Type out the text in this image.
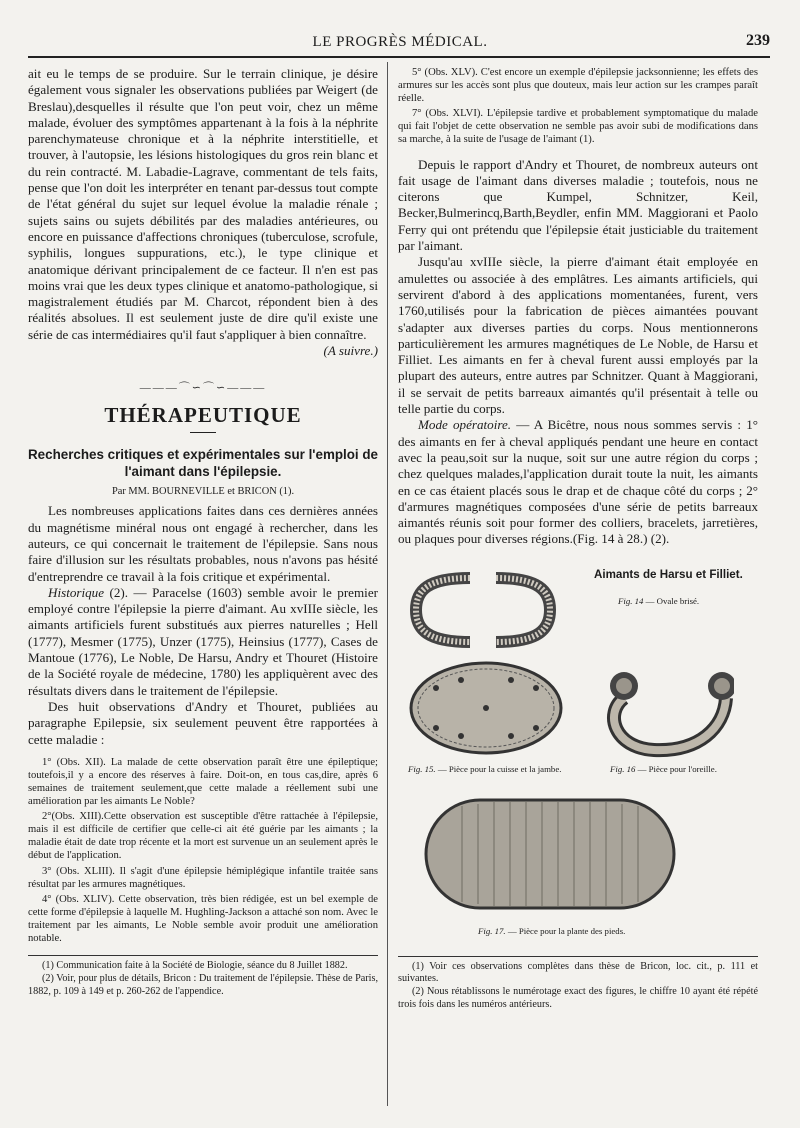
LE PROGRÈS MÉDICAL.	239

ait eu le temps de se produire. Sur le terrain clinique, je désire également vous signaler les observations publiées par Weigert (de Breslau),desquelles il résulte que l'on peut voir, chez un même malade, évoluer des symptômes appartenant à la fois à la néphrite parenchymateuse chronique et à la néphrite interstitielle, et trouver, à l'autopsie, les lésions histologiques du gros rein blanc et du rein contracté. M. Labadie-Lagrave, commentant de tels faits, pense que l'on doit les interpréter en tenant par-dessus tout compte de l'état général du sujet sur lequel évolue la maladie rénale ; sujets sains ou sujets débilités par des maladies antérieures, ou encore en puissance d'affections chroniques (tuberculose, scrofule, syphilis, longues suppurations, etc.), le type clinique et anatomique dérivant principalement de ce facteur. Il n'en est pas moins vrai que les deux types clinique et anatomo-pathologique, si magistralement étudiés par M. Charcot, répondent bien à des réalités absolues. Il est seulement juste de dire qu'il existe une série de cas intermédiaires qu'il faut s'appliquer à bien connaître.

(A suivre.)

———⌒∽⌒∽———
THÉRAPEUTIQUE
Recherches critiques et expérimentales sur l'emploi de l'aimant dans l'épilepsie.
Par MM. BOURNEVILLE et BRICON (1).

Les nombreuses applications faites dans ces dernières années du magnétisme minéral nous ont engagé à rechercher, dans les auteurs, ce qui concernait le traitement de l'épilepsie. Sans nous faire d'illusion sur les résultats probables, nous n'avons pas hésité d'entreprendre ce travail à la fois critique et expérimental.

Historique (2). — Paracelse (1603) semble avoir le premier employé contre l'épilepsie la pierre d'aimant. Au xvIIIe siècle, les aimants artificiels furent substitués aux pierres naturelles ; Hell (1777), Mesmer (1775), Unzer (1775), Heinsius (1777), Cases de Mantoue (1776), Le Noble, De Harsu, Andry et Thouret (Histoire de la Société royale de médecine, 1780) les appliquèrent avec des résultats divers dans le traitement de l'épilepsie.

Des huit observations d'Andry et Thouret, publiées au paragraphe Epilepsie, six seulement peuvent être rapportées à cette maladie :

1° (Obs. XII). La malade de cette observation paraît être une épileptique; toutefois,il y a encore des réserves à faire. Doit-on, en tous cas,dire, après 6 semaines de traitement seulement,que cette malade a réellement subi une amélioration par les aimants Le Noble?

2°(Obs. XIII).Cette observation est susceptible d'être rattachée à l'épilepsie, mais il est difficile de certifier que celle-ci ait été guérie par les aimants ; la maladie était de date trop récente et la mort est survenue un an seulement après le début de l'application.

3° (Obs. XLIII). Il s'agit d'une épilepsie hémiplégique infantile traitée sans résultat par les armures magnétiques.

4° (Obs. XLIV). Cette observation, très bien rédigée, est un bel exemple de cette forme d'épilepsie à laquelle M. Hughling-Jackson a attaché son nom. Avec le traitement par les aimants, Le Noble semble avoir produit une amélioration notable.

(1) Communication faite à la Société de Biologie, séance du 8 Juillet 1882.

(2) Voir, pour plus de détails, Bricon : Du traitement de l'épilepsie. Thèse de Paris, 1882, p. 109 à 149 et p. 260-262 de l'appendice.

5° (Obs. XLV). C'est encore un exemple d'épilepsie jacksonnienne; les effets des armures sur les accès sont plus que douteux, mais leur action sur les crampes paraît réelle.

7° (Obs. XLVI). L'épilepsie tardive et probablement symptomatique du malade qui fait l'objet de cette observation ne semble pas avoir subi de modifications dans sa marche, à la suite de l'usage de l'aimant (1).

Depuis le rapport d'Andry et Thouret, de nombreux auteurs ont fait usage de l'aimant dans diverses maladie ; toutefois, nous ne citerons que Kumpel, Schnitzer, Keil, Becker,Bulmerincq,Barth,Beydler, enfin MM. Maggiorani et Paolo Ferry qui ont prétendu que l'épilepsie était justiciable du traitement par l'aimant.

Jusqu'au xvIIIe siècle, la pierre d'aimant était employée en amulettes ou associée à des emplâtres. Les aimants artificiels, qui servirent d'abord à des applications momentanées, furent, vers 1760,utilisés pour la fabrication de pièces aimantées pouvant s'adapter aux diverses parties du corps. Nous mentionnerons particulièrement les armures magnétiques de Le Noble, de Harsu et Filliet. Les aimants en fer à cheval furent aussi employés par la plupart des auteurs, entre autres par Schnitzer. Quant à Maggiorani, il se servait de petits barreaux aimantés qu'il présentait à telle ou telle partie du corps.

Mode opératoire. — A Bicêtre, nous nous sommes servis : 1° des aimants en fer à cheval appliqués pendant une heure en contact avec la peau,soit sur la nuque, soit sur une autre région du corps ; chez quelques malades,l'application durait toute la nuit, les aimants en ce cas étaient placés sous le drap et de chaque côté du corps ; 2° d'armures magnétiques composées d'une série de petits barreaux aimantés réunis soit pour former des colliers, bracelets, jarretières, ou plaques pour diverses régions.(Fig. 14 à 28.) (2).

Aimants de Harsu et Filliet.
Fig. 14 — Ovale brisé.
Fig. 15. — Pièce pour la cuisse et la jambe.	Fig. 16 — Pièce pour l'oreille.
Fig. 17. — Pièce pour la plante des pieds.

(1) Voir ces observations complètes dans thèse de Bricon, loc. cit., p. 111 et suivantes.

(2) Nous rétablissons le numérotage exact des figures, le chiffre 10 ayant été répété trois fois dans les numéros antérieurs.
